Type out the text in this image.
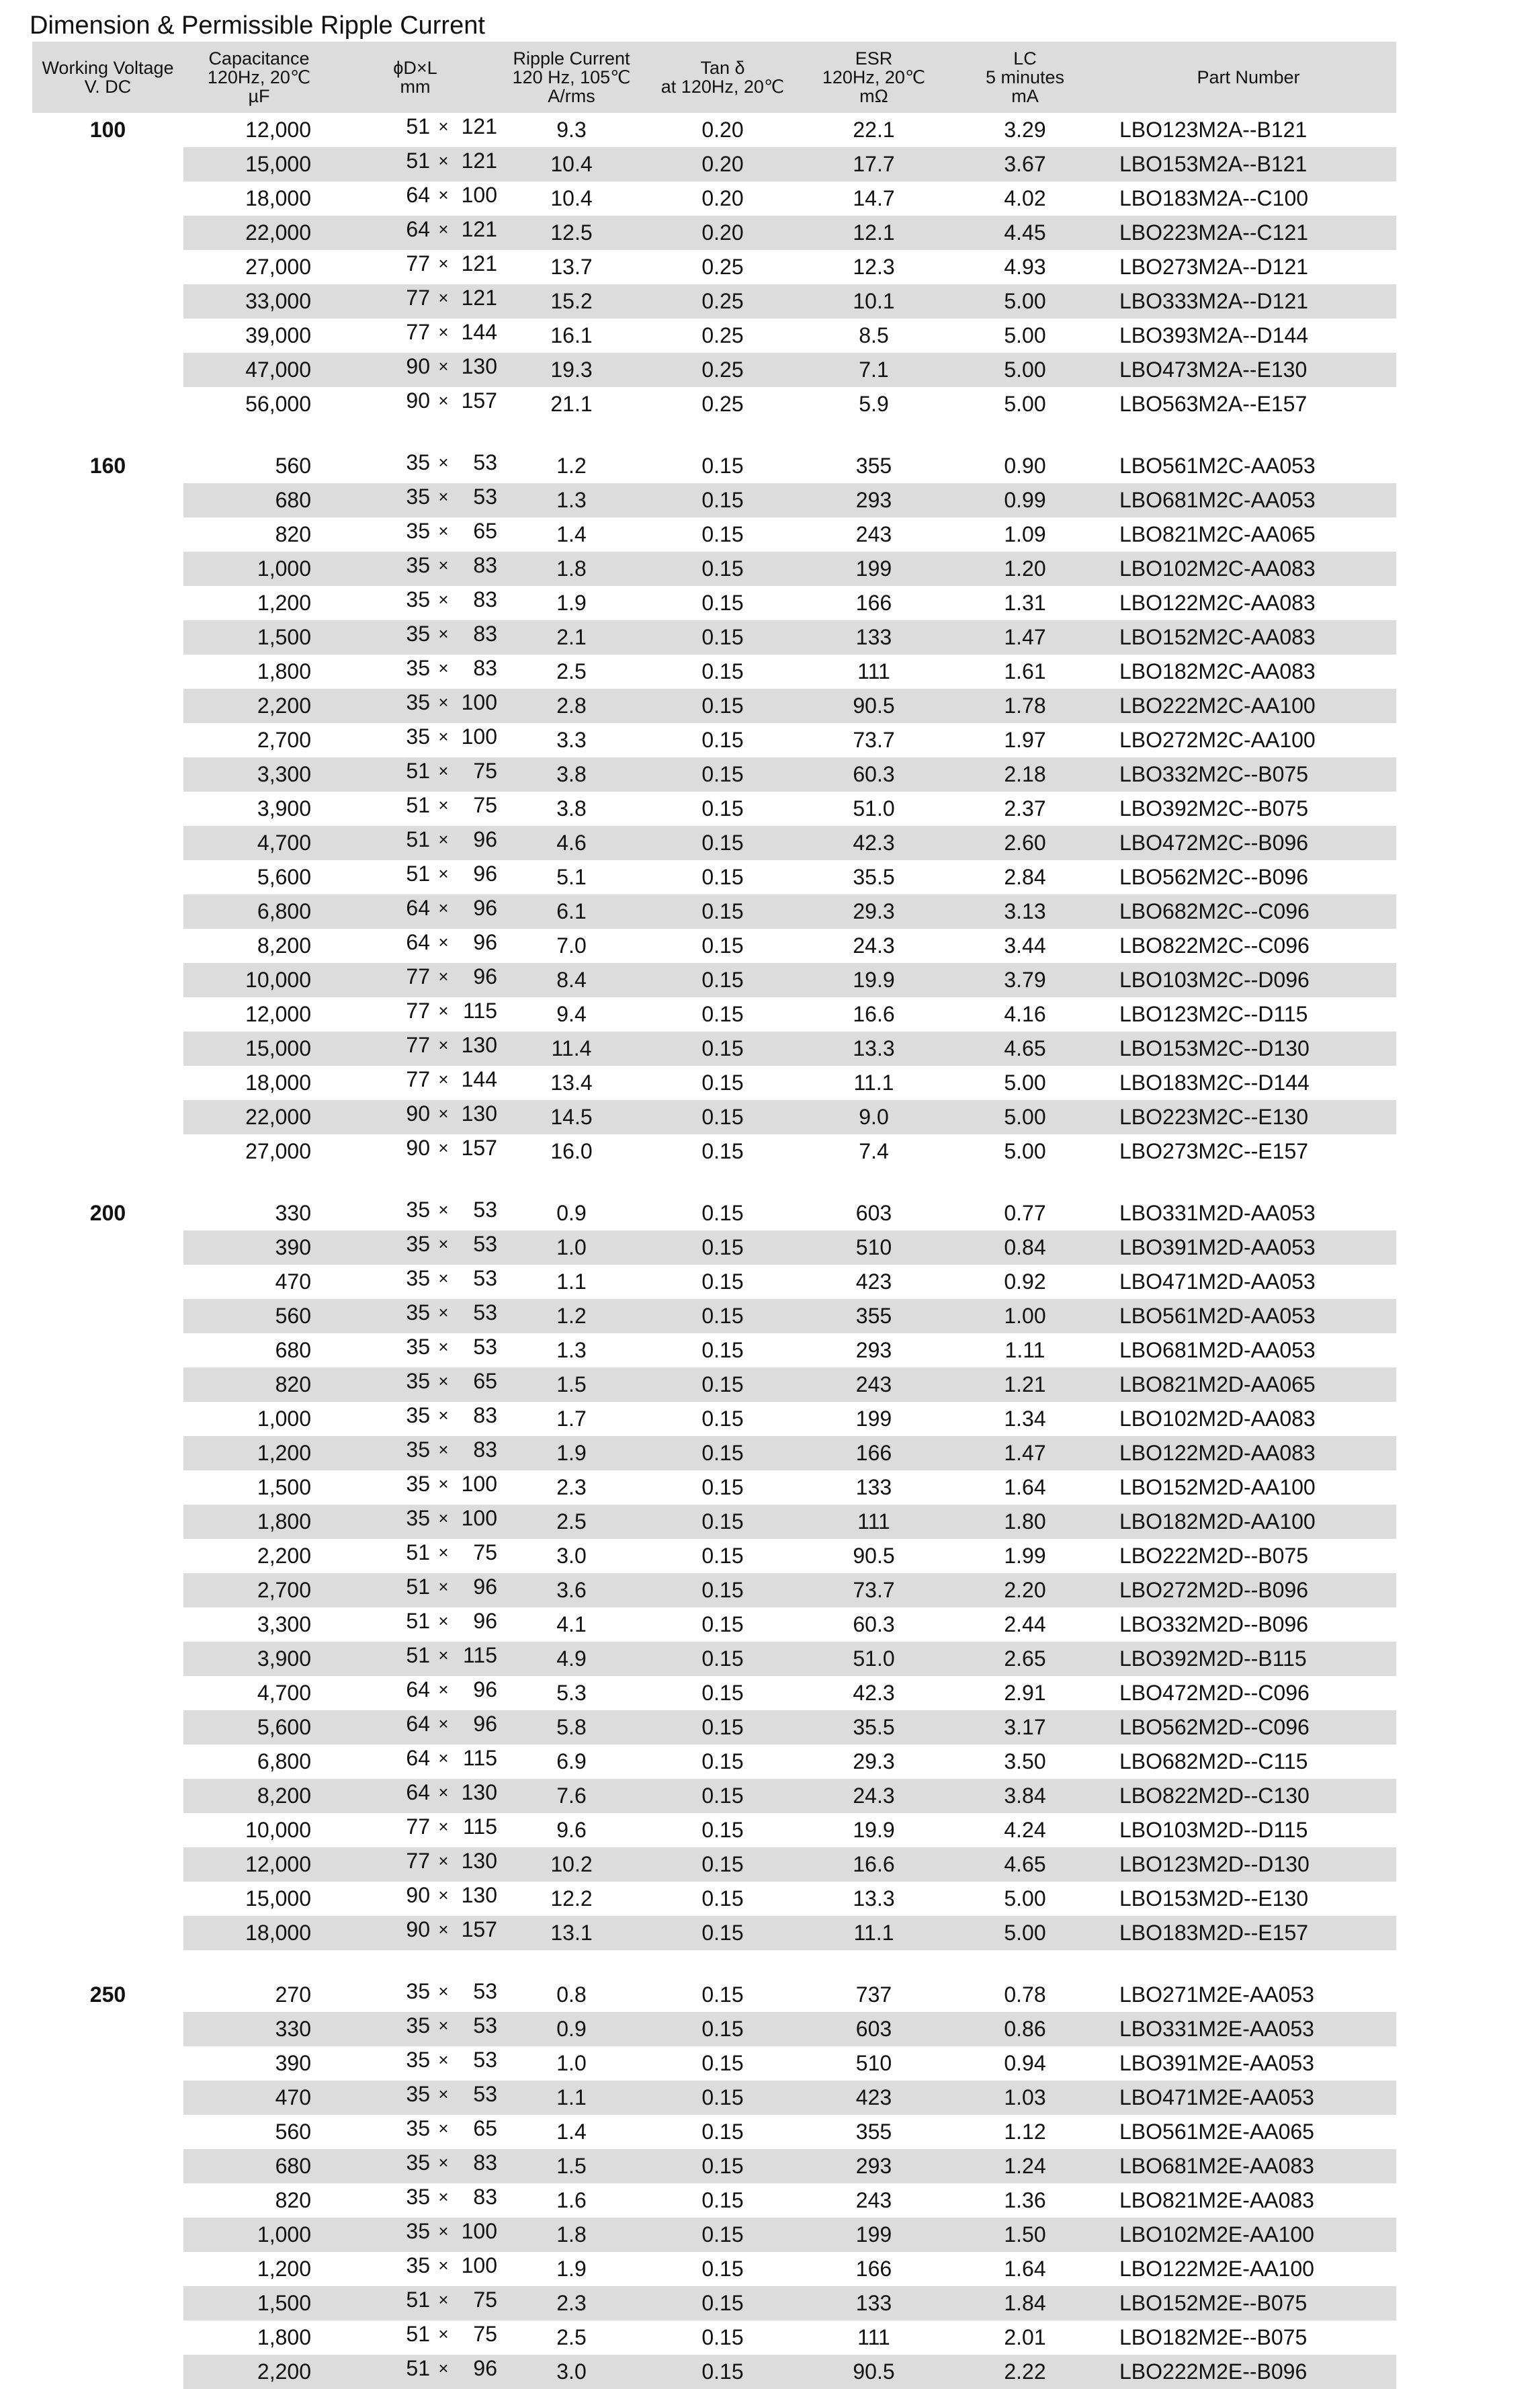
Dimension & Permissible Ripple Current
Working Voltage
V. DC	Capacitance
120Hz, 20℃
µF	ϕD×L
mm	Ripple Current
120 Hz, 105℃
A/rms	Tan δ
at 120Hz, 20℃	ESR
120Hz, 20℃
mΩ	LC
5 minutes
mA	Part Number

100	12,000	51 × 121	9.3	0.20	22.1	3.29	LBO123M2A--B121
	15,000	51 × 121	10.4	0.20	17.7	3.67	LBO153M2A--B121
	18,000	64 × 100	10.4	0.20	14.7	4.02	LBO183M2A--C100
	22,000	64 × 121	12.5	0.20	12.1	4.45	LBO223M2A--C121
	27,000	77 × 121	13.7	0.25	12.3	4.93	LBO273M2A--D121
	33,000	77 × 121	15.2	0.25	10.1	5.00	LBO333M2A--D121
	39,000	77 × 144	16.1	0.25	8.5	5.00	LBO393M2A--D144
	47,000	90 × 130	19.3	0.25	7.1	5.00	LBO473M2A--E130
	56,000	90 × 157	21.1	0.25	5.9	5.00	LBO563M2A--E157

160	560	35 × 53	1.2	0.15	355	0.90	LBO561M2C-AA053
	680	35 × 53	1.3	0.15	293	0.99	LBO681M2C-AA053
	820	35 × 65	1.4	0.15	243	1.09	LBO821M2C-AA065
	1,000	35 × 83	1.8	0.15	199	1.20	LBO102M2C-AA083
	1,200	35 × 83	1.9	0.15	166	1.31	LBO122M2C-AA083
	1,500	35 × 83	2.1	0.15	133	1.47	LBO152M2C-AA083
	1,800	35 × 83	2.5	0.15	111	1.61	LBO182M2C-AA083
	2,200	35 × 100	2.8	0.15	90.5	1.78	LBO222M2C-AA100
	2,700	35 × 100	3.3	0.15	73.7	1.97	LBO272M2C-AA100
	3,300	51 × 75	3.8	0.15	60.3	2.18	LBO332M2C--B075
	3,900	51 × 75	3.8	0.15	51.0	2.37	LBO392M2C--B075
	4,700	51 × 96	4.6	0.15	42.3	2.60	LBO472M2C--B096
	5,600	51 × 96	5.1	0.15	35.5	2.84	LBO562M2C--B096
	6,800	64 × 96	6.1	0.15	29.3	3.13	LBO682M2C--C096
	8,200	64 × 96	7.0	0.15	24.3	3.44	LBO822M2C--C096
	10,000	77 × 96	8.4	0.15	19.9	3.79	LBO103M2C--D096
	12,000	77 × 115	9.4	0.15	16.6	4.16	LBO123M2C--D115
	15,000	77 × 130	11.4	0.15	13.3	4.65	LBO153M2C--D130
	18,000	77 × 144	13.4	0.15	11.1	5.00	LBO183M2C--D144
	22,000	90 × 130	14.5	0.15	9.0	5.00	LBO223M2C--E130
	27,000	90 × 157	16.0	0.15	7.4	5.00	LBO273M2C--E157

200	330	35 × 53	0.9	0.15	603	0.77	LBO331M2D-AA053
	390	35 × 53	1.0	0.15	510	0.84	LBO391M2D-AA053
	470	35 × 53	1.1	0.15	423	0.92	LBO471M2D-AA053
	560	35 × 53	1.2	0.15	355	1.00	LBO561M2D-AA053
	680	35 × 53	1.3	0.15	293	1.11	LBO681M2D-AA053
	820	35 × 65	1.5	0.15	243	1.21	LBO821M2D-AA065
	1,000	35 × 83	1.7	0.15	199	1.34	LBO102M2D-AA083
	1,200	35 × 83	1.9	0.15	166	1.47	LBO122M2D-AA083
	1,500	35 × 100	2.3	0.15	133	1.64	LBO152M2D-AA100
	1,800	35 × 100	2.5	0.15	111	1.80	LBO182M2D-AA100
	2,200	51 × 75	3.0	0.15	90.5	1.99	LBO222M2D--B075
	2,700	51 × 96	3.6	0.15	73.7	2.20	LBO272M2D--B096
	3,300	51 × 96	4.1	0.15	60.3	2.44	LBO332M2D--B096
	3,900	51 × 115	4.9	0.15	51.0	2.65	LBO392M2D--B115
	4,700	64 × 96	5.3	0.15	42.3	2.91	LBO472M2D--C096
	5,600	64 × 96	5.8	0.15	35.5	3.17	LBO562M2D--C096
	6,800	64 × 115	6.9	0.15	29.3	3.50	LBO682M2D--C115
	8,200	64 × 130	7.6	0.15	24.3	3.84	LBO822M2D--C130
	10,000	77 × 115	9.6	0.15	19.9	4.24	LBO103M2D--D115
	12,000	77 × 130	10.2	0.15	16.6	4.65	LBO123M2D--D130
	15,000	90 × 130	12.2	0.15	13.3	5.00	LBO153M2D--E130
	18,000	90 × 157	13.1	0.15	11.1	5.00	LBO183M2D--E157

250	270	35 × 53	0.8	0.15	737	0.78	LBO271M2E-AA053
	330	35 × 53	0.9	0.15	603	0.86	LBO331M2E-AA053
	390	35 × 53	1.0	0.15	510	0.94	LBO391M2E-AA053
	470	35 × 53	1.1	0.15	423	1.03	LBO471M2E-AA053
	560	35 × 65	1.4	0.15	355	1.12	LBO561M2E-AA065
	680	35 × 83	1.5	0.15	293	1.24	LBO681M2E-AA083
	820	35 × 83	1.6	0.15	243	1.36	LBO821M2E-AA083
	1,000	35 × 100	1.8	0.15	199	1.50	LBO102M2E-AA100
	1,200	35 × 100	1.9	0.15	166	1.64	LBO122M2E-AA100
	1,500	51 × 75	2.3	0.15	133	1.84	LBO152M2E--B075
	1,800	51 × 75	2.5	0.15	111	2.01	LBO182M2E--B075
	2,200	51 × 96	3.0	0.15	90.5	2.22	LBO222M2E--B096
